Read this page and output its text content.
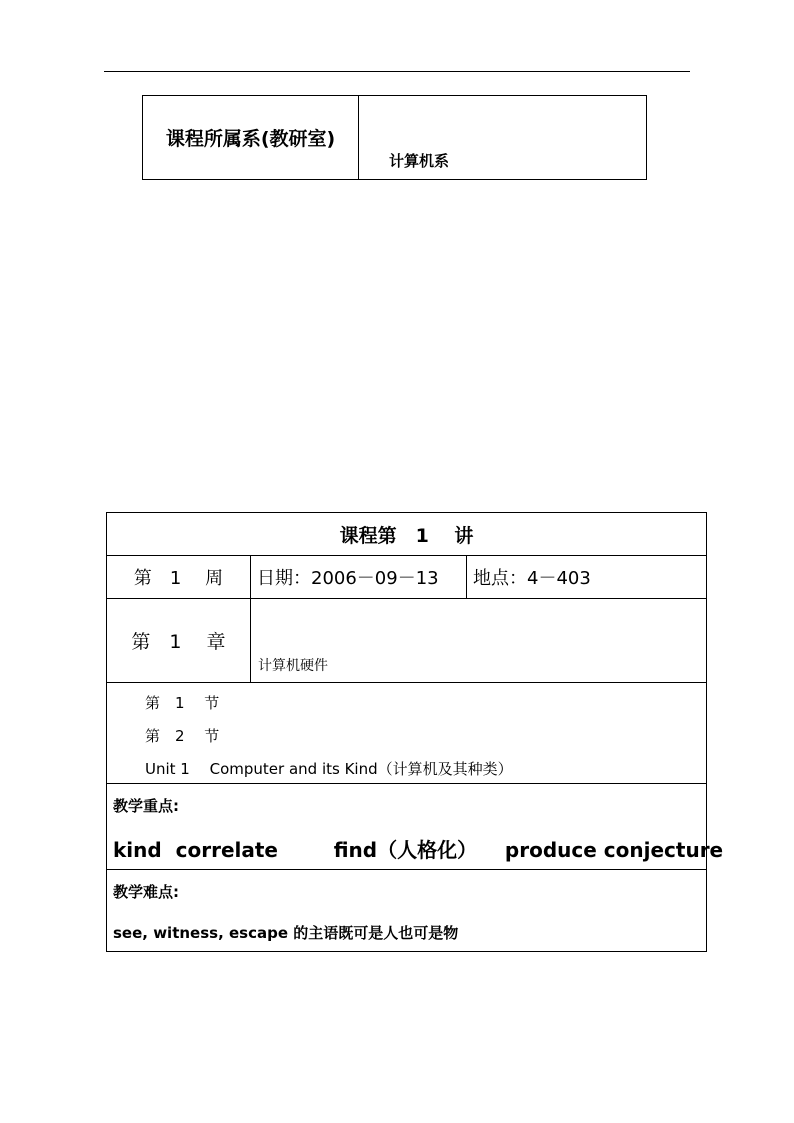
课程所属系(教研室)
计算机系
课程第　1　 讲
第　1　 周	日期：2006－09－13	地点：4－403
第　1　 章
计算机硬件
第　1　 节
第　2　 节
Unit 1　 Computer and its Kind（计算机及其种类）
教学重点:
kind  correlate        find（人格化）    produce conjecture
教学难点:
see, witness, escape 的主语既可是人也可是物
